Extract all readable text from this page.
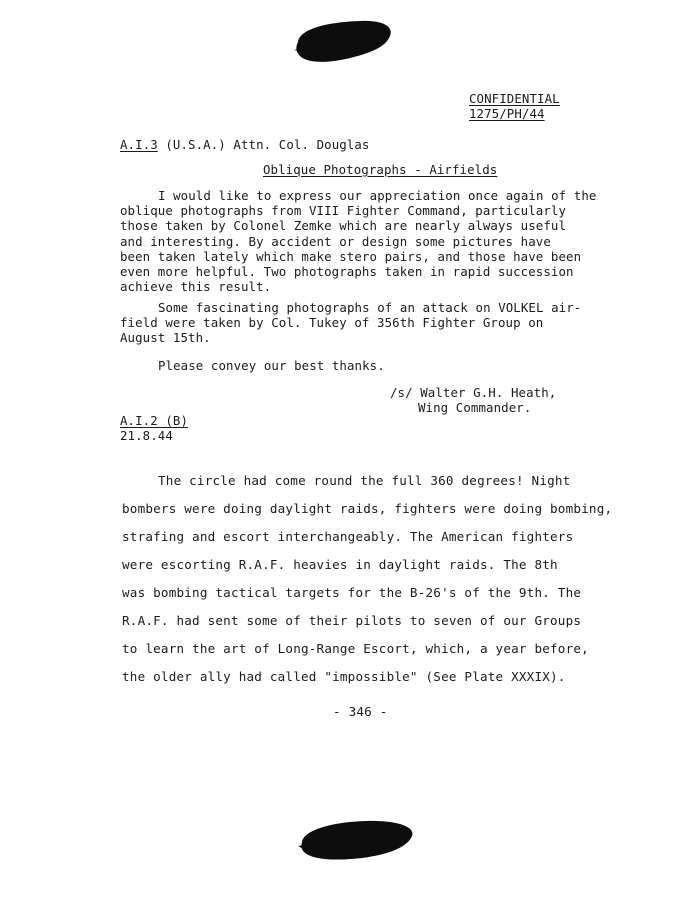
CONFIDENTIAL
1275/PH/44
A.I.3 (U.S.A.) Attn. Col. Douglas
Oblique Photographs - Airfields
I would like to express our appreciation once again of the
oblique photographs from VIII Fighter Command, particularly
those taken by Colonel Zemke which are nearly always useful
and interesting. By accident or design some pictures have
been taken lately which make stero pairs, and those have been
even more helpful. Two photographs taken in rapid succession
achieve this result.
Some fascinating photographs of an attack on VOLKEL air-
field were taken by Col. Tukey of 356th Fighter Group on
August 15th.
Please convey our best thanks.
/s/ Walter G.H. Heath,
Wing Commander.
A.I.2 (B)
21.8.44
The circle had come round the full 360 degrees! Night
bombers were doing daylight raids, fighters were doing bombing,
strafing and escort interchangeably. The American fighters
were escorting R.A.F. heavies in daylight raids. The 8th
was bombing tactical targets for the B-26's of the 9th. The
R.A.F. had sent some of their pilots to seven of our Groups
to learn the art of Long-Range Escort, which, a year before,
the older ally had called "impossible" (See Plate XXXIX).
- 346 -
